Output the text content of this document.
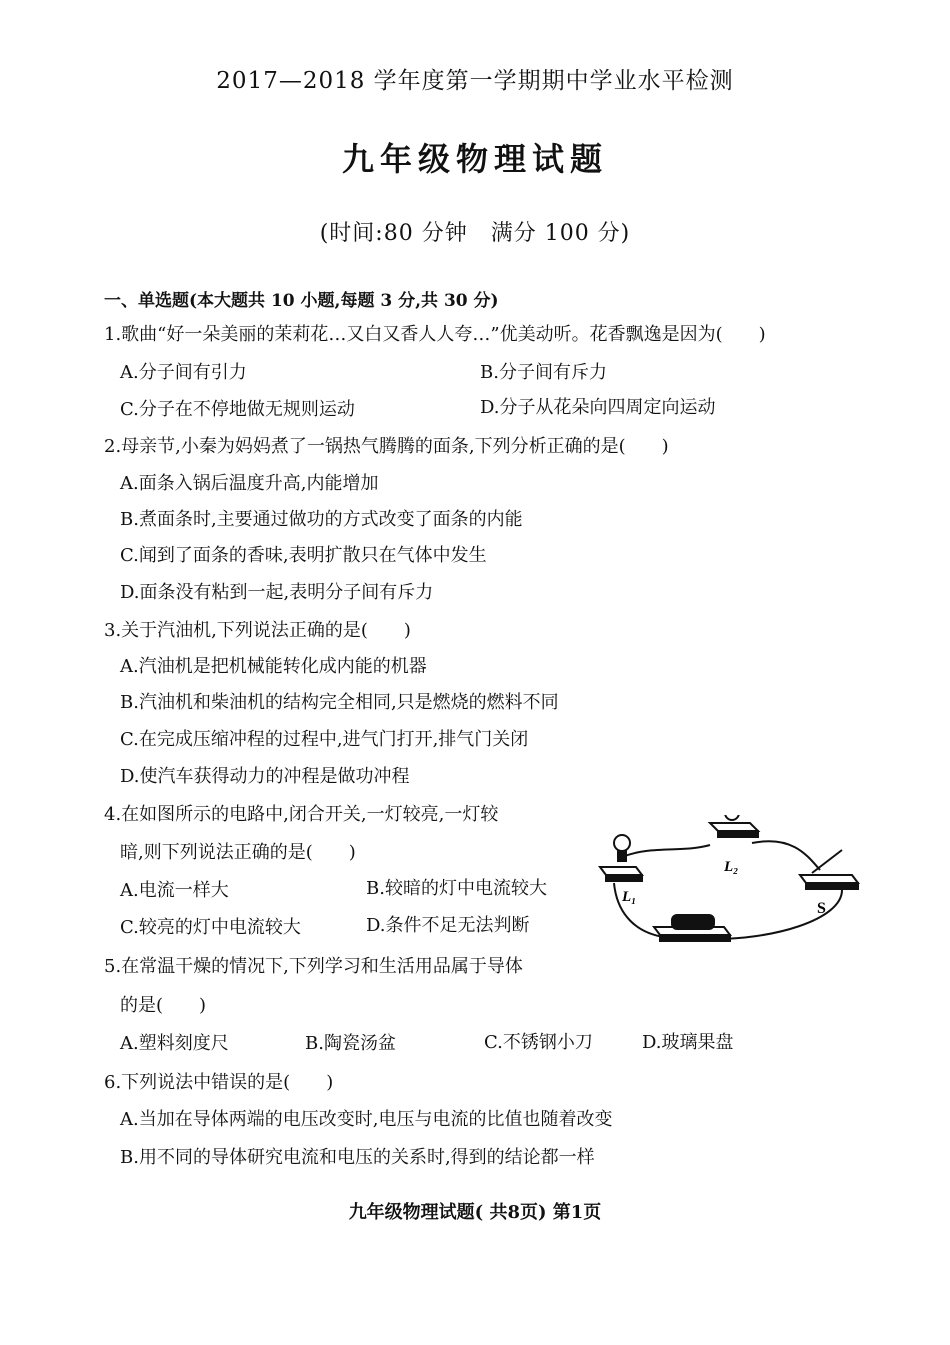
2017—2018 学年度第一学期期中学业水平检测
九年级物理试题
(时间:80 分钟　满分 100 分)
一、单选题(本大题共 10 小题,每题 3 分,共 30 分)
1.歌曲“好一朵美丽的茉莉花…又白又香人人夸…”优美动听。花香飘逸是因为(　　)
A.分子间有引力	B.分子间有斥力
C.分子在不停地做无规则运动	D.分子从花朵向四周定向运动
2.母亲节,小秦为妈妈煮了一锅热气腾腾的面条,下列分析正确的是(　　)
A.面条入锅后温度升高,内能增加
B.煮面条时,主要通过做功的方式改变了面条的内能
C.闻到了面条的香味,表明扩散只在气体中发生
D.面条没有粘到一起,表明分子间有斥力
3.关于汽油机,下列说法正确的是(　　)
A.汽油机是把机械能转化成内能的机器
B.汽油机和柴油机的结构完全相同,只是燃烧的燃料不同
C.在完成压缩冲程的过程中,进气门打开,排气门关闭
D.使汽车获得动力的冲程是做功冲程
4.在如图所示的电路中,闭合开关,一灯较亮,一灯较
暗,则下列说法正确的是(　　)
A.电流一样大	B.较暗的灯中电流较大
C.较亮的灯中电流较大	D.条件不足无法判断
L₁
L₂
S
5.在常温干燥的情况下,下列学习和生活用品属于导体
的是(　　)
A.塑料刻度尺	B.陶瓷汤盆	C.不锈钢小刀	D.玻璃果盘
6.下列说法中错误的是(　　)
A.当加在导体两端的电压改变时,电压与电流的比值也随着改变
B.用不同的导体研究电流和电压的关系时,得到的结论都一样
九年级物理试题( 共8页) 第1页
